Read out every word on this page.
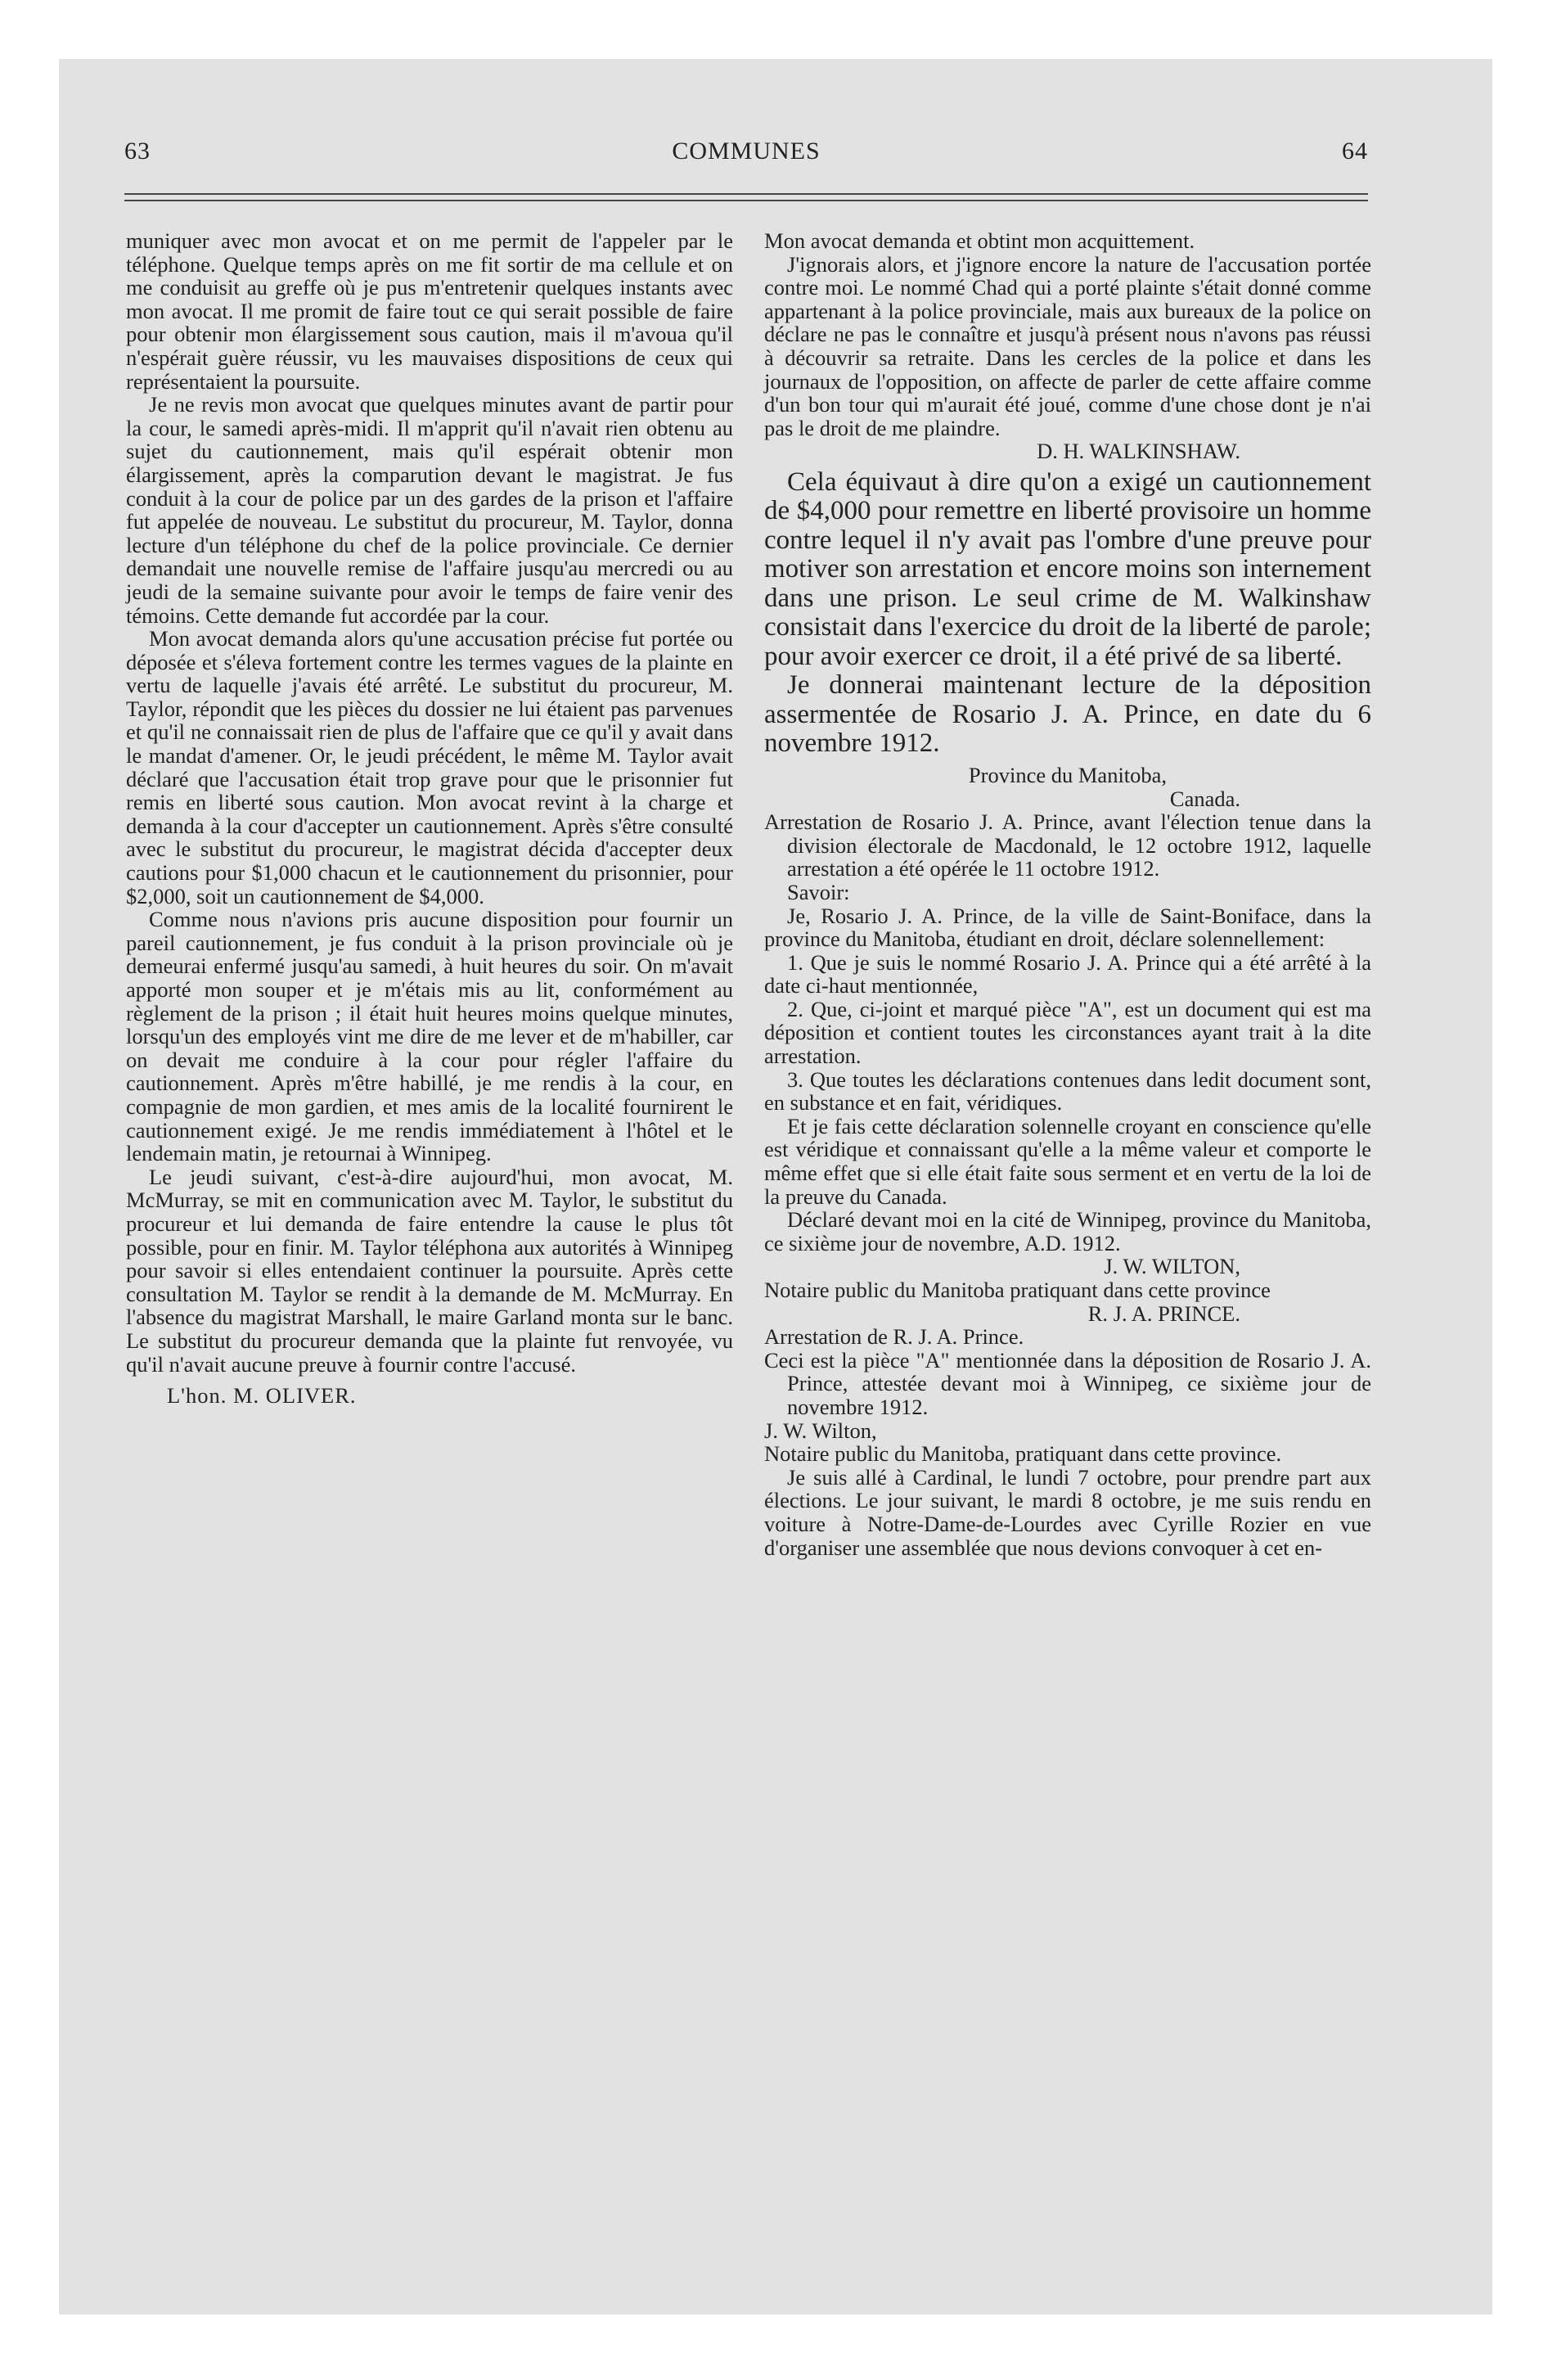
63	COMMUNES	64

muniquer avec mon avocat et on me permit de l'appeler par le téléphone. Quelque temps après on me fit sortir de ma cellule et on me conduisit au greffe où je pus m'entretenir quelques instants avec mon avocat. Il me promit de faire tout ce qui serait possible de faire pour obtenir mon élargissement sous caution, mais il m'avoua qu'il n'espérait guère réussir, vu les mauvaises dispositions de ceux qui représentaient la poursuite.

Je ne revis mon avocat que quelques minutes avant de partir pour la cour, le samedi après-midi. Il m'apprit qu'il n'avait rien obtenu au sujet du cautionnement, mais qu'il espérait obtenir mon élargissement, après la comparution devant le magistrat. Je fus conduit à la cour de police par un des gardes de la prison et l'affaire fut appelée de nouveau. Le substitut du procureur, M. Taylor, donna lecture d'un téléphone du chef de la police provinciale. Ce dernier demandait une nouvelle remise de l'affaire jusqu'au mercredi ou au jeudi de la semaine suivante pour avoir le temps de faire venir des témoins. Cette demande fut accordée par la cour.

Mon avocat demanda alors qu'une accusation précise fut portée ou déposée et s'éleva fortement contre les termes vagues de la plainte en vertu de laquelle j'avais été arrêté. Le substitut du procureur, M. Taylor, répondit que les pièces du dossier ne lui étaient pas parvenues et qu'il ne connaissait rien de plus de l'affaire que ce qu'il y avait dans le mandat d'amener. Or, le jeudi précédent, le même M. Taylor avait déclaré que l'accusation était trop grave pour que le prisonnier fut remis en liberté sous caution. Mon avocat revint à la charge et demanda à la cour d'accepter un cautionnement. Après s'être consulté avec le substitut du procureur, le magistrat décida d'accepter deux cautions pour $1,000 chacun et le cautionnement du prisonnier, pour $2,000, soit un cautionnement de $4,000.

Comme nous n'avions pris aucune disposition pour fournir un pareil cautionnement, je fus conduit à la prison provinciale où je demeurai enfermé jusqu'au samedi, à huit heures du soir. On m'avait apporté mon souper et je m'étais mis au lit, conformément au règlement de la prison ; il était huit heures moins quelque minutes, lorsqu'un des employés vint me dire de me lever et de m'habiller, car on devait me conduire à la cour pour régler l'affaire du cautionnement. Après m'être habillé, je me rendis à la cour, en compagnie de mon gardien, et mes amis de la localité fournirent le cautionnement exigé. Je me rendis immédiatement à l'hôtel et le lendemain matin, je retournai à Winnipeg.

Le jeudi suivant, c'est-à-dire aujourd'hui, mon avocat, M. McMurray, se mit en communication avec M. Taylor, le substitut du procureur et lui demanda de faire entendre la cause le plus tôt possible, pour en finir. M. Taylor téléphona aux autorités à Winnipeg pour savoir si elles entendaient continuer la poursuite. Après cette consultation M. Taylor se rendit à la demande de M. McMurray. En l'absence du magistrat Marshall, le maire Garland monta sur le banc. Le substitut du procureur demanda que la plainte fut renvoyée, vu qu'il n'avait aucune preuve à fournir contre l'accusé.

L'hon. M. OLIVER.

Mon avocat demanda et obtint mon acquittement.

J'ignorais alors, et j'ignore encore la nature de l'accusation portée contre moi. Le nommé Chad qui a porté plainte s'était donné comme appartenant à la police provinciale, mais aux bureaux de la police on déclare ne pas le connaître et jusqu'à présent nous n'avons pas réussi à découvrir sa retraite. Dans les cercles de la police et dans les journaux de l'opposition, on affecte de parler de cette affaire comme d'un bon tour qui m'aurait été joué, comme d'une chose dont je n'ai pas le droit de me plaindre.

D. H. WALKINSHAW.

Cela équivaut à dire qu'on a exigé un cautionnement de $4,000 pour remettre en liberté provisoire un homme contre lequel il n'y avait pas l'ombre d'une preuve pour motiver son arrestation et encore moins son internement dans une prison. Le seul crime de M. Walkinshaw consistait dans l'exercice du droit de la liberté de parole; pour avoir exercer ce droit, il a été privé de sa liberté.

Je donnerai maintenant lecture de la déposition assermentée de Rosario J. A. Prince, en date du 6 novembre 1912.

Province du Manitoba,

Canada.

Arrestation de Rosario J. A. Prince, avant l'élection tenue dans la division électorale de Macdonald, le 12 octobre 1912, laquelle arrestation a été opérée le 11 octobre 1912.

Savoir:

Je, Rosario J. A. Prince, de la ville de Saint-Boniface, dans la province du Manitoba, étudiant en droit, déclare solennellement:

1. Que je suis le nommé Rosario J. A. Prince qui a été arrêté à la date ci-haut mentionnée,

2. Que, ci-joint et marqué pièce "A", est un document qui est ma déposition et contient toutes les circonstances ayant trait à la dite arrestation.

3. Que toutes les déclarations contenues dans ledit document sont, en substance et en fait, véridiques.

Et je fais cette déclaration solennelle croyant en conscience qu'elle est véridique et connaissant qu'elle a la même valeur et comporte le même effet que si elle était faite sous serment et en vertu de la loi de la preuve du Canada.

Déclaré devant moi en la cité de Winnipeg, province du Manitoba, ce sixième jour de novembre, A.D. 1912.

J. W. WILTON,

Notaire public du Manitoba pratiquant dans cette province

R. J. A. PRINCE.

Arrestation de R. J. A. Prince.

Ceci est la pièce "A" mentionnée dans la déposition de Rosario J. A. Prince, attestée devant moi à Winnipeg, ce sixième jour de novembre 1912.

J. W. Wilton,

Notaire public du Manitoba, pratiquant dans cette province.

Je suis allé à Cardinal, le lundi 7 octobre, pour prendre part aux élections. Le jour suivant, le mardi 8 octobre, je me suis rendu en voiture à Notre-Dame-de-Lourdes avec Cyrille Rozier en vue d'organiser une assemblée que nous devions convoquer à cet en-
